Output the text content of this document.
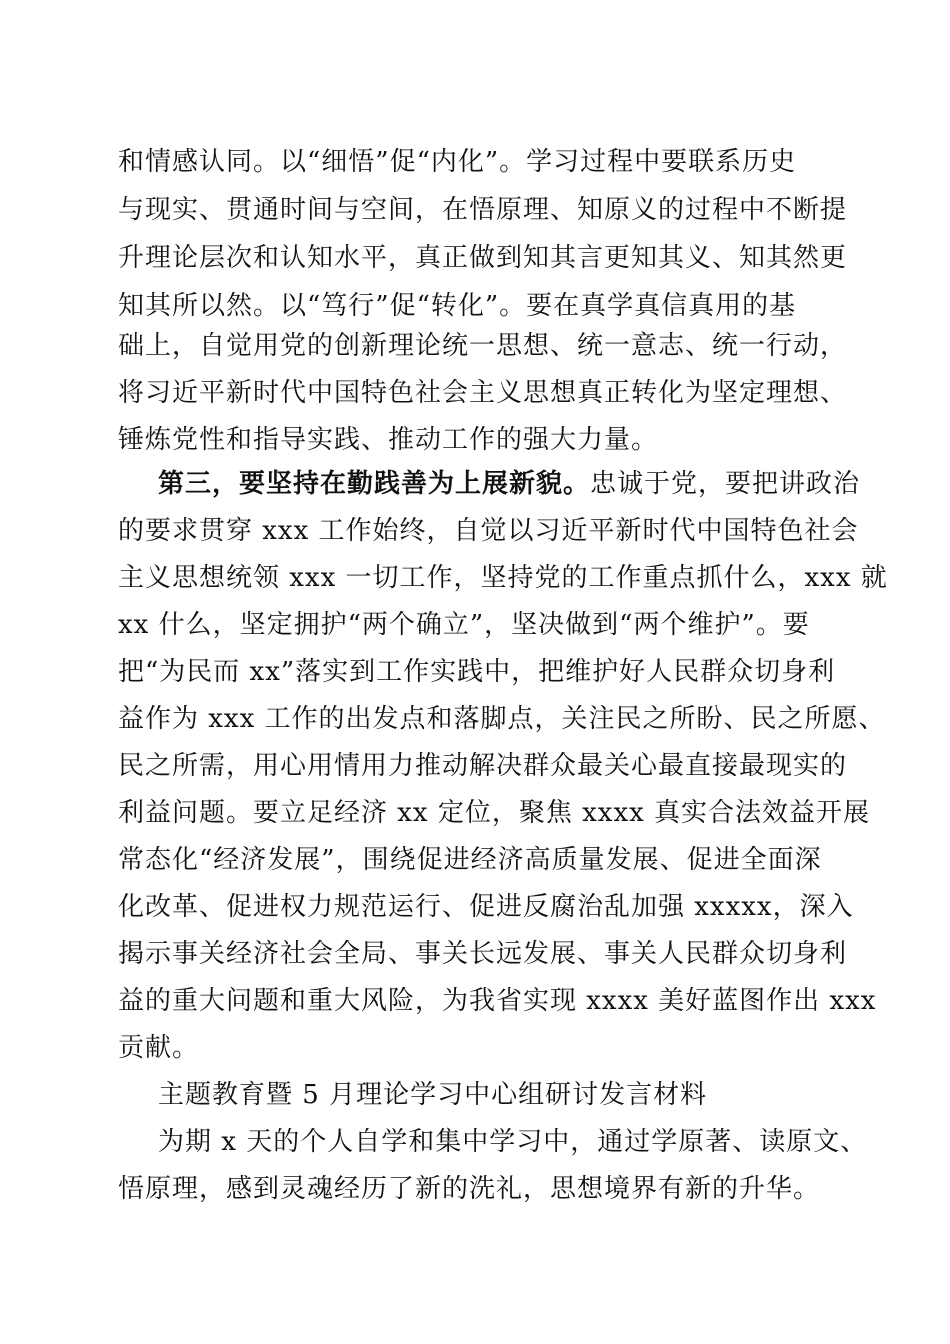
和情感认同。以“细悟”促“内化”。学习过程中要联系历史
与现实、贯通时间与空间，在悟原理、知原义的过程中不断提
升理论层次和认知水平，真正做到知其言更知其义、知其然更
知其所以然。以“笃行”促“转化”。要在真学真信真用的基
础上，自觉用党的创新理论统一思想、统一意志、统一行动，
将习近平新时代中国特色社会主义思想真正转化为坚定理想、
锤炼党性和指导实践、推动工作的强大力量。
第三，要坚持在勤践善为上展新貌。忠诚于党，要把讲政治
的要求贯穿 xxx 工作始终，自觉以习近平新时代中国特色社会
主义思想统领 xxx 一切工作，坚持党的工作重点抓什么，xxx 就
xx 什么，坚定拥护“两个确立”，坚决做到“两个维护”。要
把“为民而 xx”落实到工作实践中，把维护好人民群众切身利
益作为 xxx 工作的出发点和落脚点，关注民之所盼、民之所愿、
民之所需，用心用情用力推动解决群众最关心最直接最现实的
利益问题。要立足经济 xx 定位，聚焦 xxxx 真实合法效益开展
常态化“经济发展”，围绕促进经济高质量发展、促进全面深
化改革、促进权力规范运行、促进反腐治乱加强 xxxxx，深入
揭示事关经济社会全局、事关长远发展、事关人民群众切身利
益的重大问题和重大风险，为我省实现 xxxx 美好蓝图作出 xxx
贡献。
主题教育暨 5 月理论学习中心组研讨发言材料
为期 x 天的个人自学和集中学习中，通过学原著、读原文、
悟原理，感到灵魂经历了新的洗礼，思想境界有新的升华。
